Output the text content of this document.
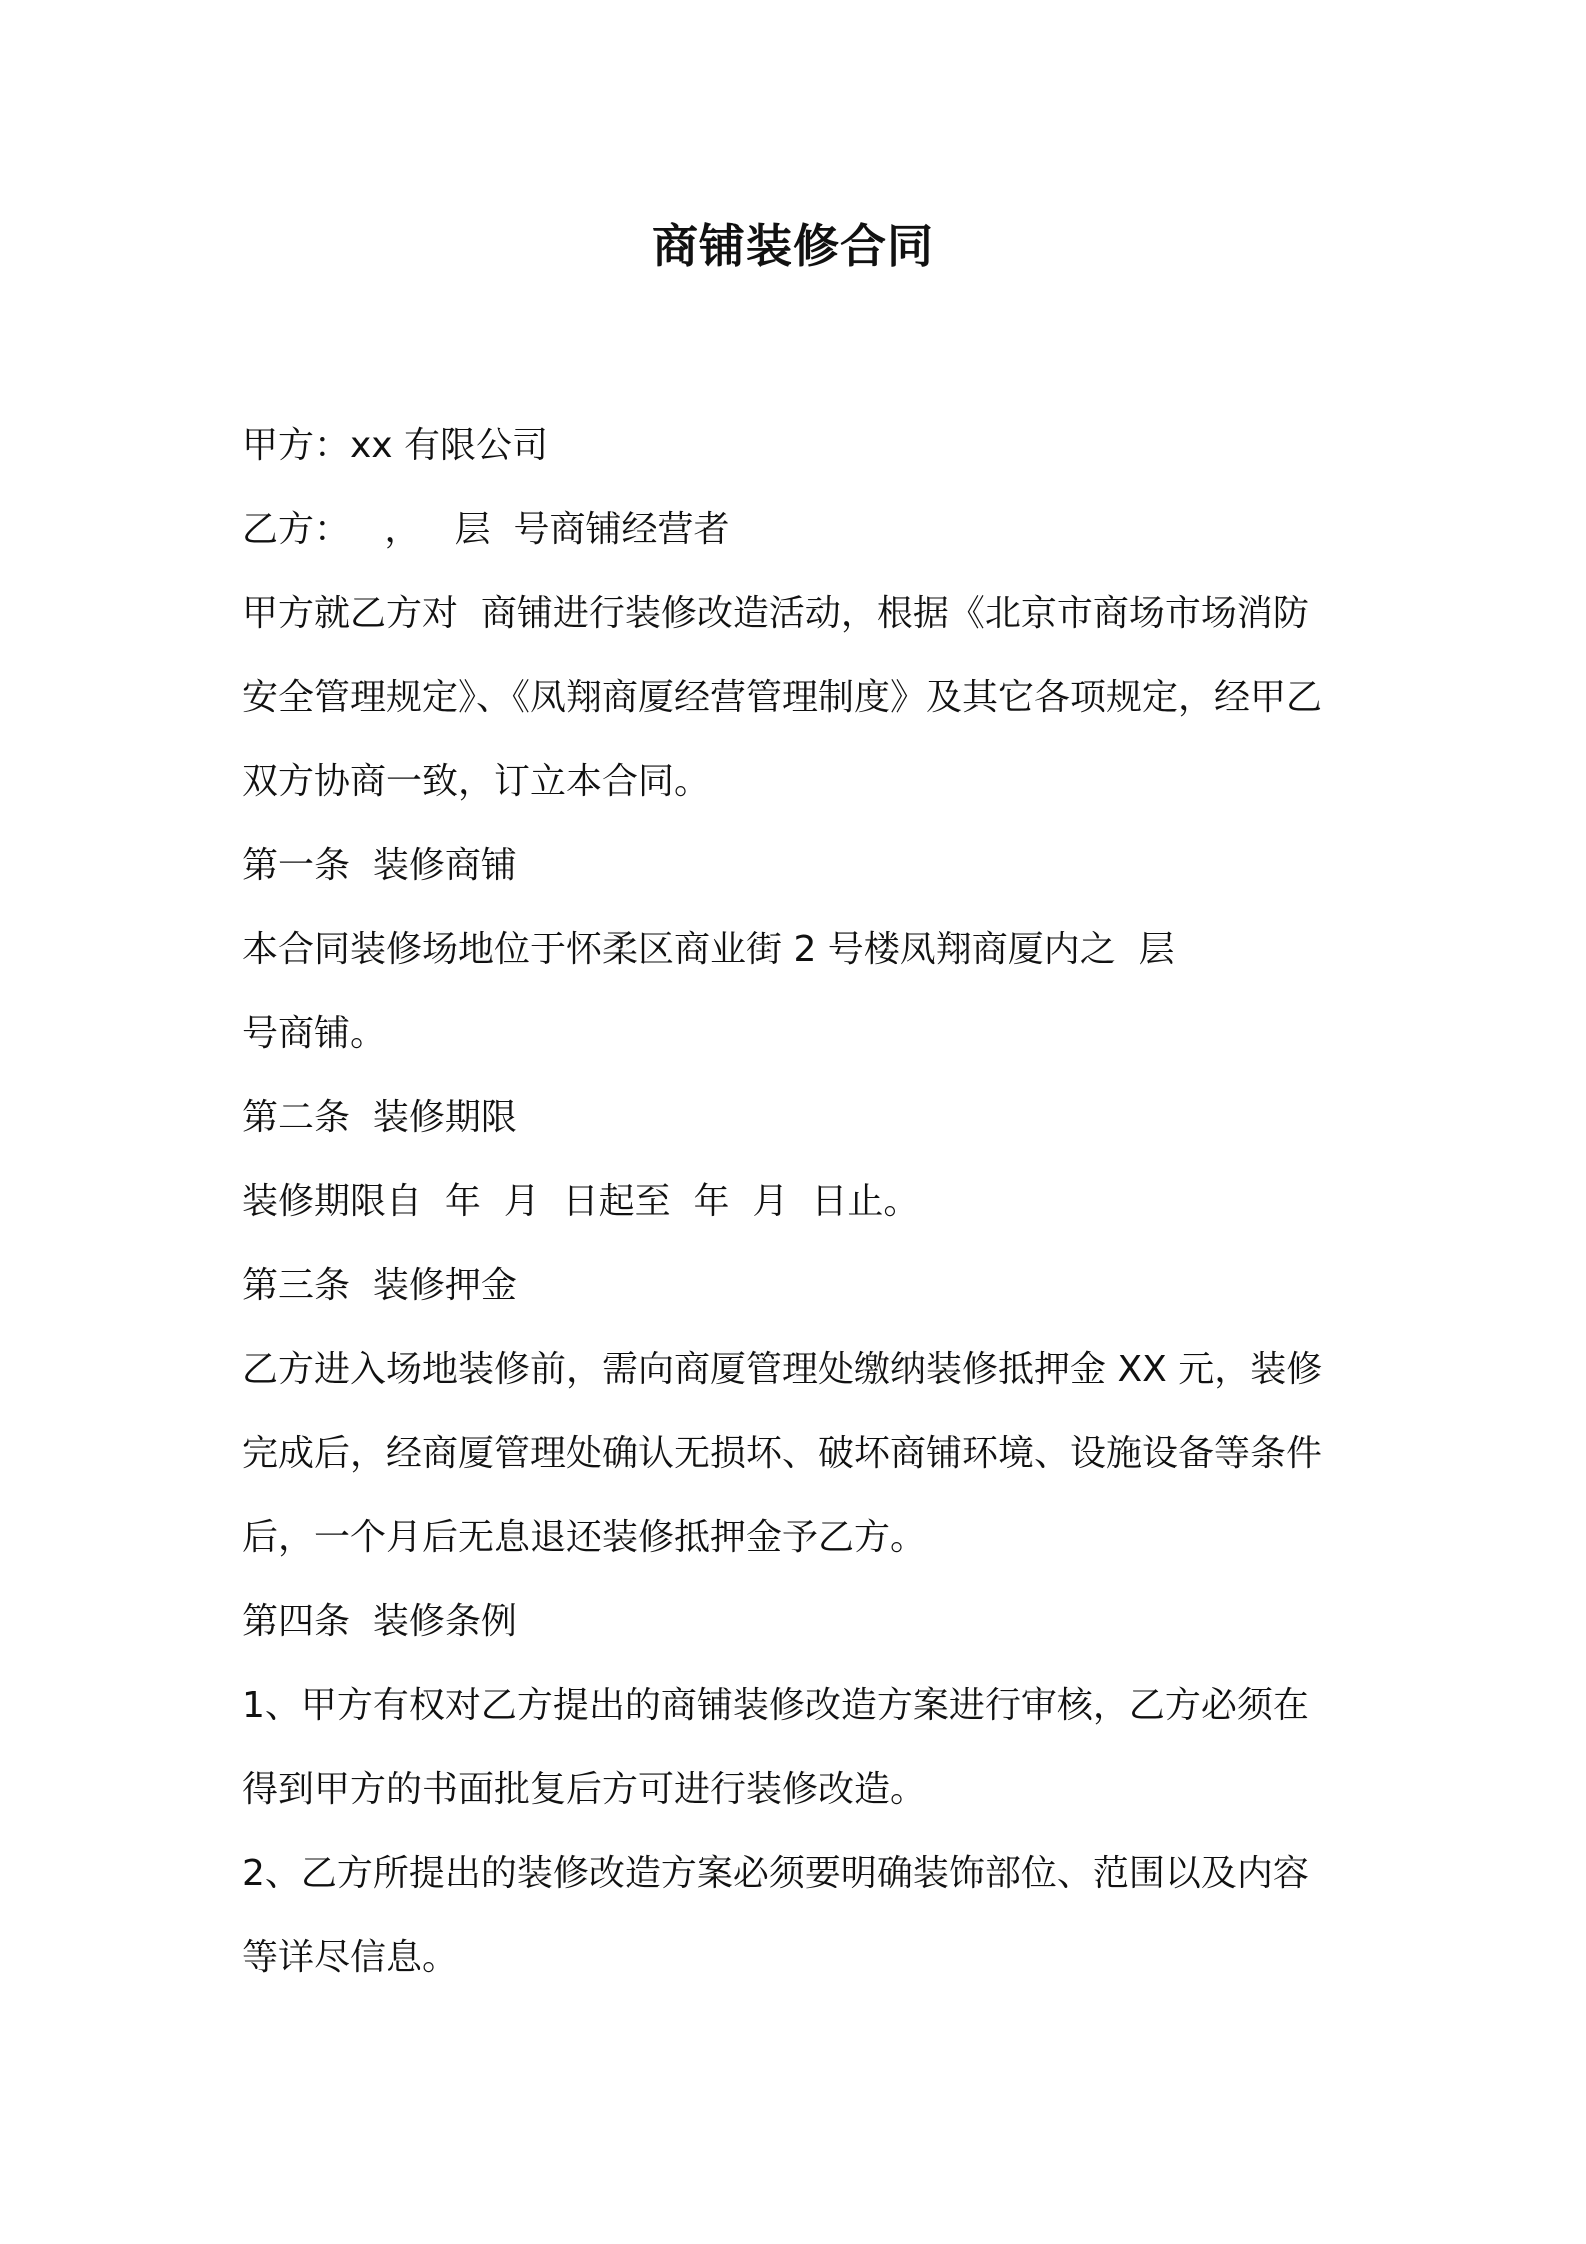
商铺装修合同

甲方：xx 有限公司

乙方：   ，   层  号商铺经营者

甲方就乙方对  商铺进行装修改造活动，根据《北京市商场市场消防

安全管理规定》、《凤翔商厦经营管理制度》及其它各项规定，经甲乙

双方协商一致，订立本合同。

第一条  装修商铺

本合同装修场地位于怀柔区商业街 2 号楼凤翔商厦内之  层

号商铺。

第二条  装修期限

装修期限自  年  月  日起至  年  月  日止。

第三条  装修押金

乙方进入场地装修前，需向商厦管理处缴纳装修抵押金 XX 元，装修

完成后，经商厦管理处确认无损坏、破坏商铺环境、设施设备等条件

后，一个月后无息退还装修抵押金予乙方。

第四条  装修条例

1、甲方有权对乙方提出的商铺装修改造方案进行审核，乙方必须在

得到甲方的书面批复后方可进行装修改造。

2、乙方所提出的装修改造方案必须要明确装饰部位、范围以及内容

等详尽信息。
